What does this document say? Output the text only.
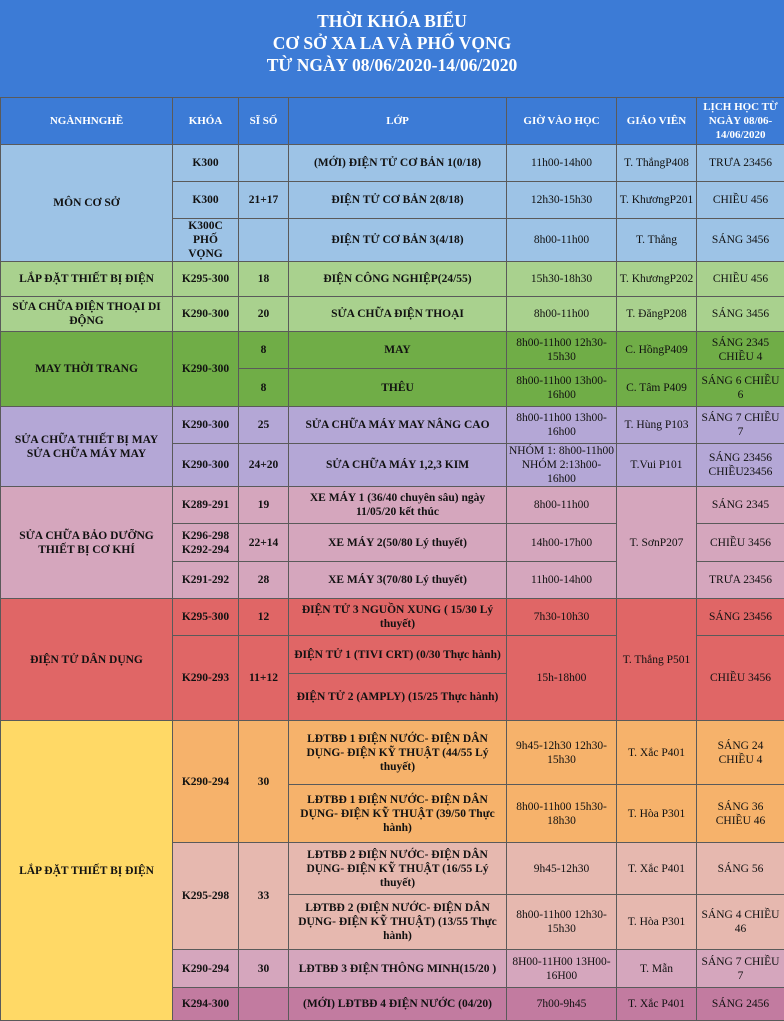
THỜI KHÓA BIỂU
CƠ SỞ XA LA VÀ PHỐ VỌNG
TỪ NGÀY 08/06/2020-14/06/2020
NGÀNHNGHỀ	KHÓA	SĨ SỐ	LỚP	GIỜ VÀO HỌC	GIÁO VIÊN	LỊCH HỌC TỪ NGÀY 08/06-14/06/2020
MÔN CƠ SỞ	K300		(MỚI) ĐIỆN TỬ CƠ BẢN 1(0/18)	11h00-14h00	T. ThắngP408	TRƯA 23456
	K300	21+17	ĐIỆN TỬ CƠ BẢN 2(8/18)	12h30-15h30	T. KhươngP201	CHIỀU 456
	K300C PHỐ VỌNG		ĐIỆN TỬ CƠ BẢN 3(4/18)	8h00-11h00	T. Thắng	SÁNG 3456
LẮP ĐẶT THIẾT BỊ ĐIỆN	K295-300	18	ĐIỆN CÔNG NGHIỆP(24/55)	15h30-18h30	T. KhươngP202	CHIỀU 456
SỬA CHỮA ĐIỆN THOẠI DI ĐỘNG	K290-300	20	SỬA CHỮA ĐIỆN THOẠI	8h00-11h00	T. ĐăngP208	SÁNG 3456
MAY THỜI TRANG	K290-300	8	MAY	8h00-11h00 12h30-15h30	C. HồngP409	SÁNG 2345 CHIỀU 4
		8	THÊU	8h00-11h00 13h00-16h00	C. Tâm P409	SÁNG 6 CHIỀU 6
SỬA CHỮA THIẾT BỊ MAY SỬA CHỮA MÁY MAY	K290-300	25	SỬA CHỮA MÁY MAY NÂNG CAO	8h00-11h00 13h00-16h00	T. Hùng P103	SÁNG 7 CHIỀU 7
	K290-300	24+20	SỬA CHỮA MÁY 1,2,3 KIM	NHÓM 1: 8h00-11h00 NHÓM 2:13h00-16h00	T.Vui P101	SÁNG 23456 CHIỀU23456
SỬA CHỮA BẢO DƯỠNG THIẾT BỊ CƠ KHÍ	K289-291	19	XE MÁY 1 (36/40 chuyên sâu) ngày 11/05/20 kết thúc	8h00-11h00	T. SơnP207	SÁNG 2345
	K296-298 K292-294	22+14	XE MÁY 2(50/80 Lý thuyết)	14h00-17h00		CHIỀU 3456
	K291-292	28	XE MÁY 3(70/80 Lý thuyết)	11h00-14h00		TRƯA 23456
ĐIỆN TỬ DÂN DỤNG	K295-300	12	ĐIỆN TỬ 3 NGUỒN XUNG ( 15/30 Lý thuyết)	7h30-10h30	T. Thắng P501	SÁNG 23456
	K290-293	11+12	ĐIỆN TỬ 1 (TIVI CRT) (0/30 Thực hành)	15h-18h00		CHIỀU 3456
			ĐIỆN TỬ 2 (AMPLY) (15/25 Thực hành)			
LẮP ĐẶT THIẾT BỊ ĐIỆN	K290-294	30	LĐTBĐ 1 ĐIỆN NƯỚC- ĐIỆN DÂN DỤNG- ĐIỆN KỸ THUẬT (44/55 Lý thuyết)	9h45-12h30 12h30-15h30	T. Xắc P401	SÁNG 24 CHIỀU 4
			LĐTBĐ 1 ĐIỆN NƯỚC- ĐIỆN DÂN DỤNG- ĐIỆN KỸ THUẬT (39/50 Thực hành)	8h00-11h00 15h30-18h30	T. Hòa P301	SÁNG 36 CHIỀU 46
	K295-298	33	LĐTBĐ 2 ĐIỆN NƯỚC- ĐIỆN DÂN DỤNG- ĐIỆN KỸ THUẬT (16/55 Lý thuyết)	9h45-12h30	T. Xắc P401	SÁNG 56
			LĐTBĐ 2 (ĐIỆN NƯỚC- ĐIỆN DÂN DỤNG- ĐIỆN KỸ THUẬT) (13/55 Thực hành)	8h00-11h00 12h30-15h30	T. Hòa P301	SÁNG 4 CHIỀU 46
	K290-294	30	LĐTBĐ 3 ĐIỆN THÔNG MINH(15/20 )	8H00-11H00 13H00-16H00	T. Mẫn	SÁNG 7 CHIỀU 7
	K294-300		(MỚI) LĐTBĐ 4 ĐIỆN NƯỚC (04/20)	7h00-9h45	T. Xắc P401	SÁNG 2456
